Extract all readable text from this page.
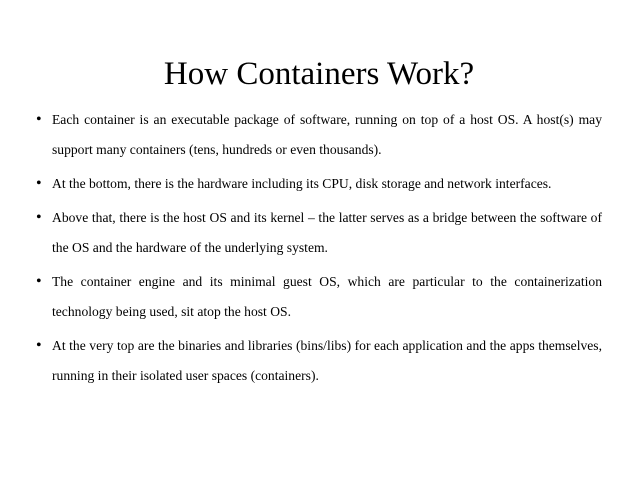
How Containers Work?
• Each container is an executable package of software, running on top of a host OS. A host(s) may support many containers (tens, hundreds or even thousands).
• At the bottom, there is the hardware including its CPU, disk storage and network interfaces.
• Above that, there is the host OS and its kernel – the latter serves as a bridge between the software of the OS and the hardware of the underlying system.
• The container engine and its minimal guest OS, which are particular to the containerization technology being used, sit atop the host OS.
• At the very top are the binaries and libraries (bins/libs) for each application and the apps themselves, running in their isolated user spaces (containers).
